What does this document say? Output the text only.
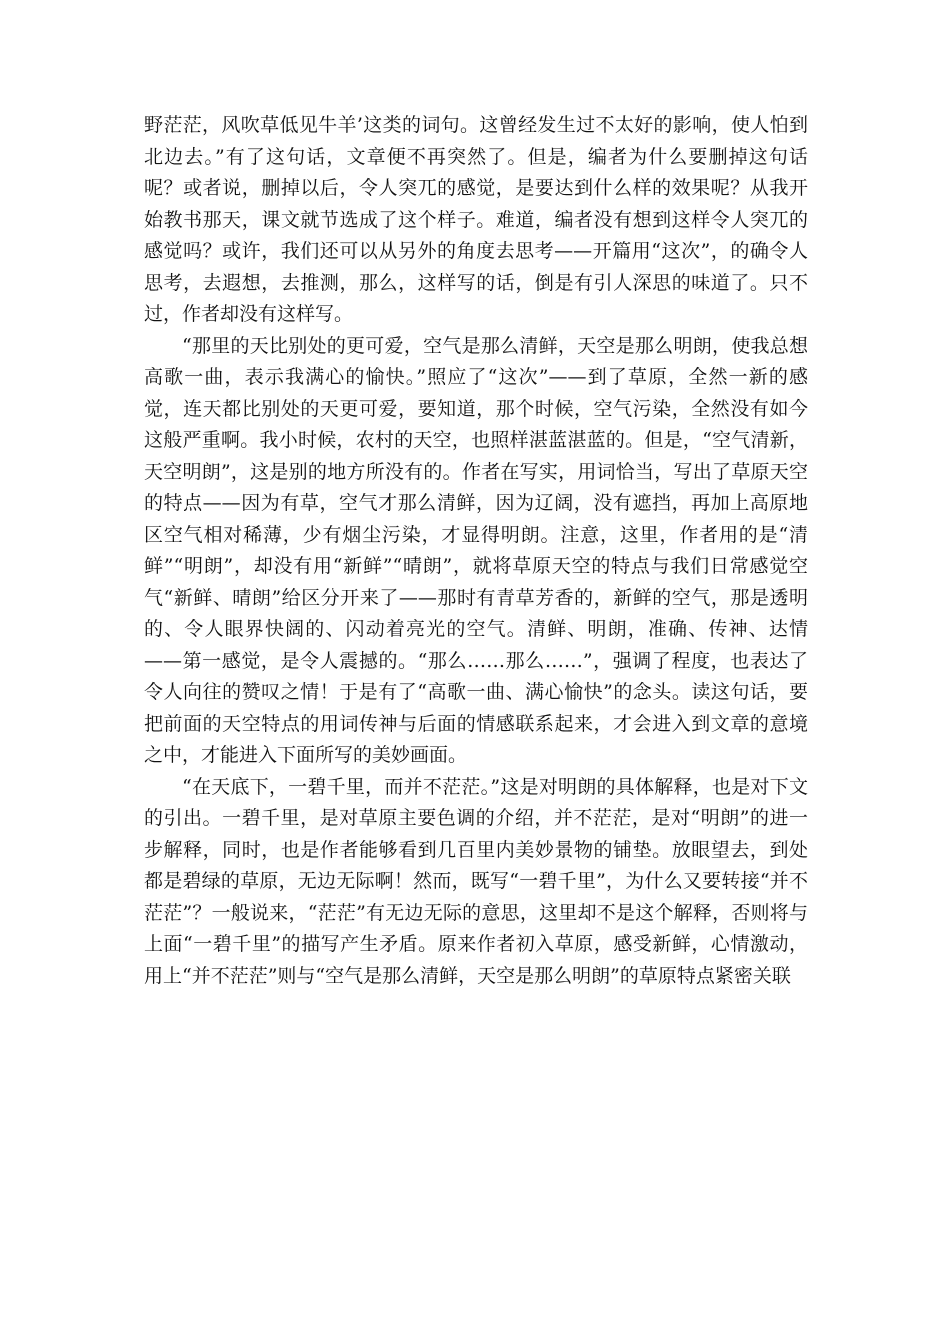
野茫茫，风吹草低见牛羊’这类的词句。这曾经发生过不太好的影响，使人怕到北边去。”有了这句话，文章便不再突然了。但是，编者为什么要删掉这句话呢？或者说，删掉以后，令人突兀的感觉，是要达到什么样的效果呢？从我开始教书那天，课文就节选成了这个样子。难道，编者没有想到这样令人突兀的感觉吗？或许，我们还可以从另外的角度去思考——开篇用“这次”，的确令人思考，去遐想，去推测，那么，这样写的话，倒是有引人深思的味道了。只不过，作者却没有这样写。

“那里的天比别处的更可爱，空气是那么清鲜，天空是那么明朗，使我总想高歌一曲，表示我满心的愉快。”照应了“这次”——到了草原，全然一新的感觉，连天都比别处的天更可爱，要知道，那个时候，空气污染，全然没有如今这般严重啊。我小时候，农村的天空，也照样湛蓝湛蓝的。但是，“空气清新，天空明朗”，这是别的地方所没有的。作者在写实，用词恰当，写出了草原天空的特点——因为有草，空气才那么清鲜，因为辽阔，没有遮挡，再加上高原地区空气相对稀薄，少有烟尘污染，才显得明朗。注意，这里，作者用的是“清鲜”“明朗”，却没有用“新鲜”“晴朗”，就将草原天空的特点与我们日常感觉空气“新鲜、晴朗”给区分开来了——那时有青草芳香的，新鲜的空气，那是透明的、令人眼界快阔的、闪动着亮光的空气。清鲜、明朗，准确、传神、达情——第一感觉，是令人震撼的。“那么……那么……”，强调了程度，也表达了令人向往的赞叹之情！于是有了“高歌一曲、满心愉快”的念头。读这句话，要把前面的天空特点的用词传神与后面的情感联系起来，才会进入到文章的意境之中，才能进入下面所写的美妙画面。

“在天底下，一碧千里，而并不茫茫。”这是对明朗的具体解释，也是对下文的引出。一碧千里，是对草原主要色调的介绍，并不茫茫，是对“明朗”的进一步解释，同时，也是作者能够看到几百里内美妙景物的铺垫。放眼望去，到处都是碧绿的草原，无边无际啊！然而，既写“一碧千里”，为什么又要转接“并不茫茫”？一般说来，“茫茫”有无边无际的意思，这里却不是这个解释，否则将与上面“一碧千里”的描写产生矛盾。原来作者初入草原，感受新鲜，心情激动，用上“并不茫茫”则与“空气是那么清鲜，天空是那么明朗”的草原特点紧密关联
